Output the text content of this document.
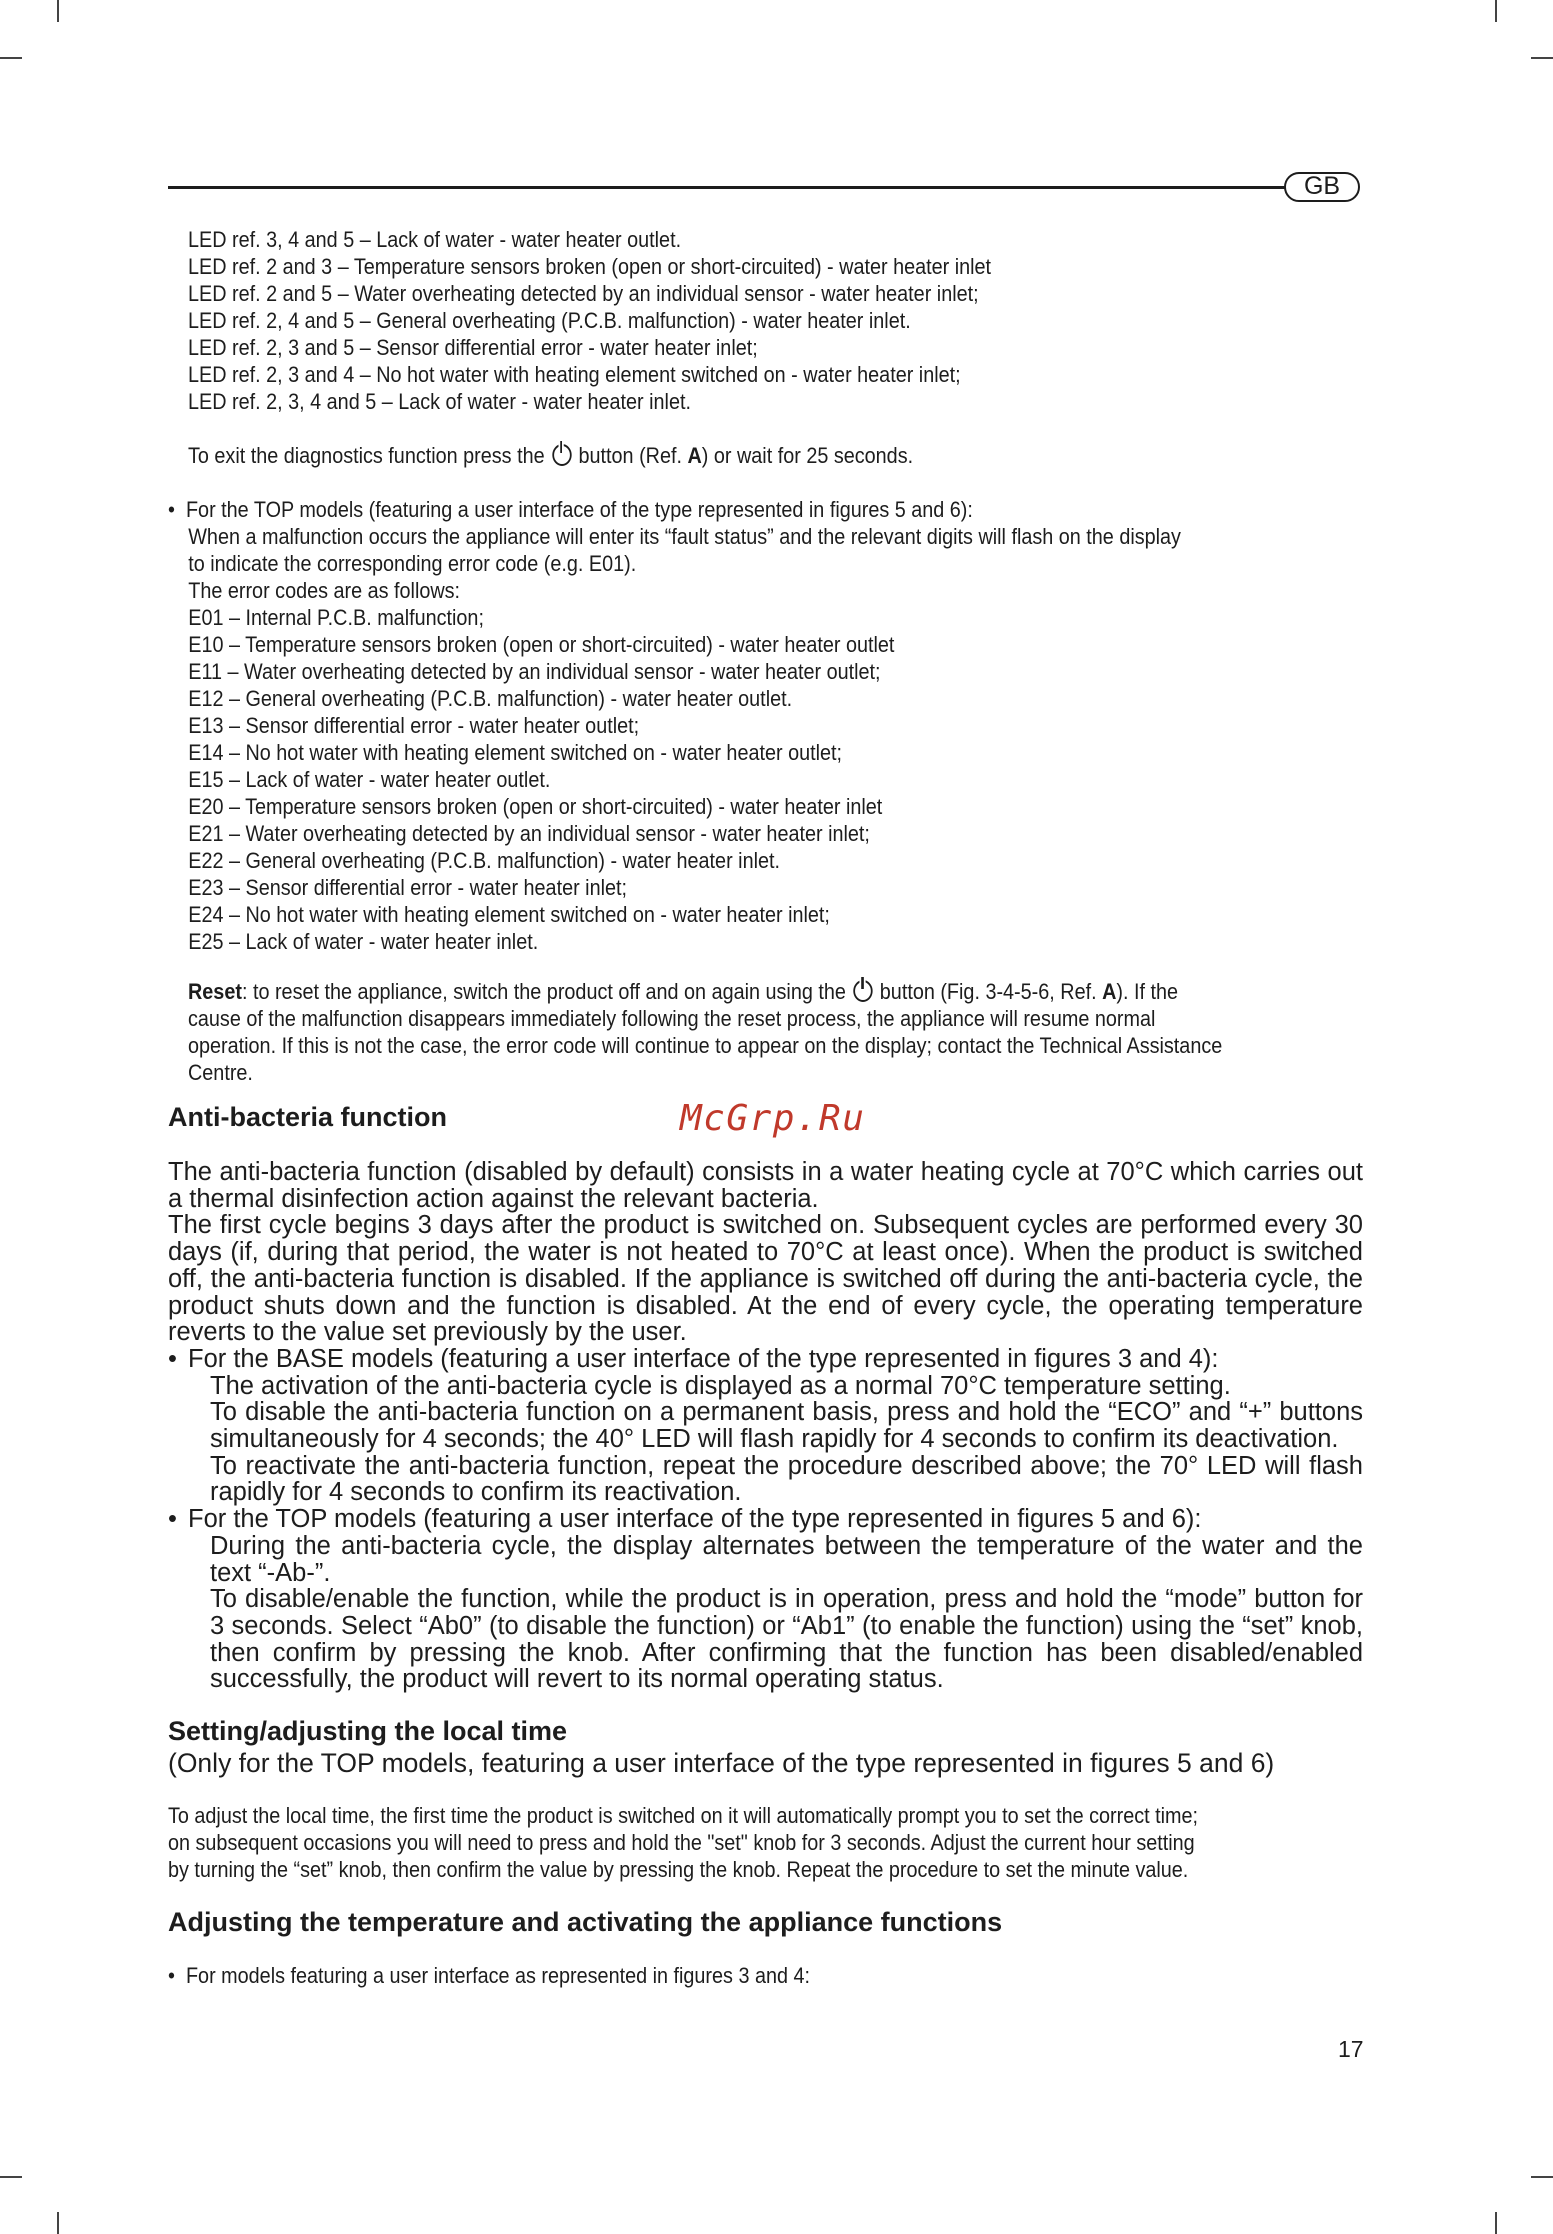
GB

LED ref. 3, 4 and 5 – Lack of water - water heater outlet.

LED ref. 2 and 3 – Temperature sensors broken (open or short-circuited) - water heater inlet

LED ref. 2 and 5 – Water overheating detected by an individual sensor - water heater inlet;

LED ref. 2, 4 and 5 – General overheating (P.C.B. malfunction) - water heater inlet.

LED ref. 2, 3 and 5 – Sensor differential error - water heater inlet;

LED ref. 2, 3 and 4 – No hot water with heating element switched on - water heater inlet;

LED ref. 2, 3, 4 and 5 – Lack of water - water heater inlet.

To exit the diagnostics function press the button (Ref. A) or wait for 25 seconds.

• For the TOP models (featuring a user interface of the type represented in figures 5 and 6):

When a malfunction occurs the appliance will enter its “fault status” and the relevant digits will flash on the display

to indicate the corresponding error code (e.g. E01).

The error codes are as follows:

E01 – Internal P.C.B. malfunction;

E10 – Temperature sensors broken (open or short-circuited) - water heater outlet

E11 – Water overheating detected by an individual sensor - water heater outlet;

E12 – General overheating (P.C.B. malfunction) - water heater outlet.

E13 – Sensor differential error - water heater outlet;

E14 – No hot water with heating element switched on - water heater outlet;

E15 – Lack of water - water heater outlet.

E20 – Temperature sensors broken (open or short-circuited) - water heater inlet

E21 – Water overheating detected by an individual sensor - water heater inlet;

E22 – General overheating (P.C.B. malfunction) - water heater inlet.

E23 – Sensor differential error - water heater inlet;

E24 – No hot water with heating element switched on - water heater inlet;

E25 – Lack of water - water heater inlet.

Reset: to reset the appliance, switch the product off and on again using the button (Fig. 3-4-5-6, Ref. A). If the

cause of the malfunction disappears immediately following the reset process, the appliance will resume normal

operation. If this is not the case, the error code will continue to appear on the display; contact the Technical Assistance

Centre.

Anti-bacteria function	McGrp.Ru

The anti-bacteria function (disabled by default) consists in a water heating cycle at 70°C which carries out a thermal disinfection action against the relevant bacteria.

The first cycle begins 3 days after the product is switched on. Subsequent cycles are performed every 30 days (if, during that period, the water is not heated to 70°C at least once). When the product is switched off, the anti-bacteria function is disabled. If the appliance is switched off during the anti-bacteria cycle, the product shuts down and the function is disabled. At the end of every cycle, the operating temperature reverts to the value set previously by the user.

• For the BASE models (featuring a user interface of the type represented in figures 3 and 4):

The activation of the anti-bacteria cycle is displayed as a normal 70°C temperature setting.

To disable the anti-bacteria function on a permanent basis, press and hold the “ECO” and “+” buttons simultaneously for 4 seconds; the 40° LED will flash rapidly for 4 seconds to confirm its deactivation.

To reactivate the anti-bacteria function, repeat the procedure described above; the 70° LED will flash rapidly for 4 seconds to confirm its reactivation.

• For the TOP models (featuring a user interface of the type represented in figures 5 and 6):

During the anti-bacteria cycle, the display alternates between the temperature of the water and the text “-Ab-”.

To disable/enable the function, while the product is in operation, press and hold the “mode” button for 3 seconds. Select “Ab0” (to disable the function) or “Ab1” (to enable the function) using the “set” knob, then confirm by pressing the knob. After confirming that the function has been disabled/enabled successfully, the product will revert to its normal operating status.

Setting/adjusting the local time
(Only for the TOP models, featuring a user interface of the type represented in figures 5 and 6)

To adjust the local time, the first time the product is switched on it will automatically prompt you to set the correct time;

on subsequent occasions you will need to press and hold the "set" knob for 3 seconds. Adjust the current hour setting

by turning the “set” knob, then confirm the value by pressing the knob. Repeat the procedure to set the minute value.

Adjusting the temperature and activating the appliance functions

• For models featuring a user interface as represented in figures 3 and 4:

17
